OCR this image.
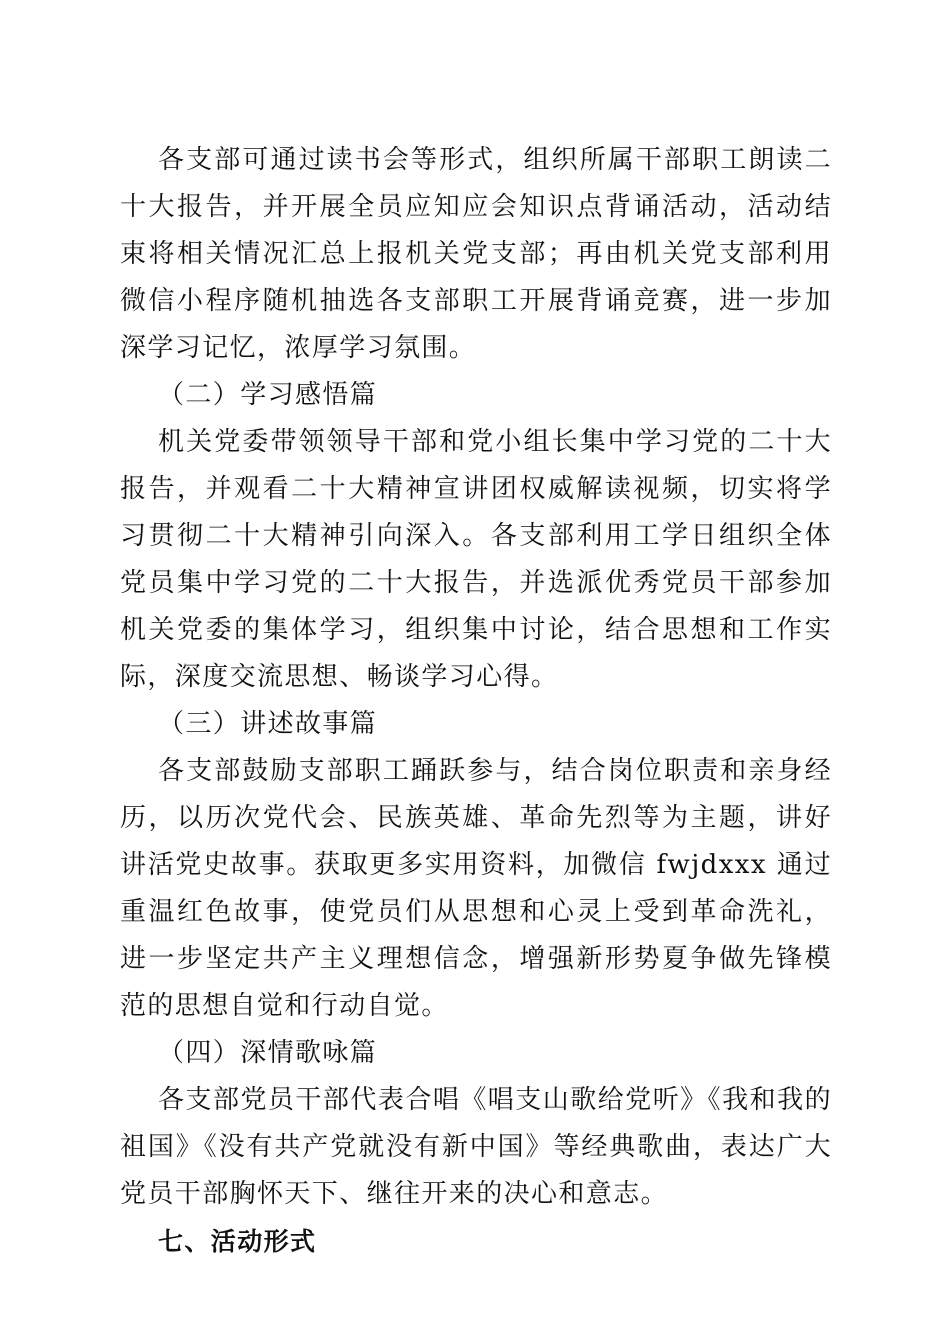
各支部可通过读书会等形式，组织所属干部职工朗读二十大报告，并开展全员应知应会知识点背诵活动，活动结束将相关情况汇总上报机关党支部；再由机关党支部利用微信小程序随机抽选各支部职工开展背诵竞赛，进一步加深学习记忆，浓厚学习氛围。

（二）学习感悟篇

机关党委带领领导干部和党小组长集中学习党的二十大报告，并观看二十大精神宣讲团权威解读视频，切实将学习贯彻二十大精神引向深入。各支部利用工学日组织全体党员集中学习党的二十大报告，并选派优秀党员干部参加机关党委的集体学习，组织集中讨论，结合思想和工作实际，深度交流思想、畅谈学习心得。

（三）讲述故事篇

各支部鼓励支部职工踊跃参与，结合岗位职责和亲身经历，以历次党代会、民族英雄、革命先烈等为主题，讲好讲活党史故事。获取更多实用资料，加微信 fwjdxxx 通过重温红色故事，使党员们从思想和心灵上受到革命洗礼，进一步坚定共产主义理想信念，增强新形势夏争做先锋模范的思想自觉和行动自觉。

（四）深情歌咏篇

各支部党员干部代表合唱《唱支山歌给党听》《我和我的祖国》《没有共产党就没有新中国》等经典歌曲，表达广大党员干部胸怀天下、继往开来的决心和意志。

七、活动形式
